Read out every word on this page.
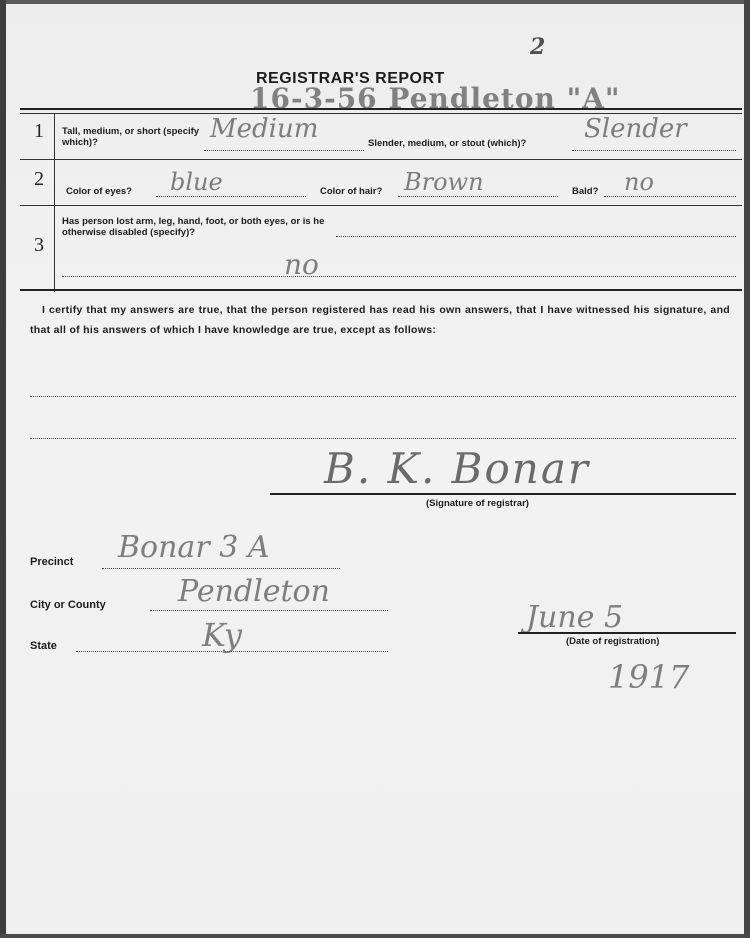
2
REGISTRAR'S REPORT
16-3-56 Pendleton "A"
1 Tall, medium, or short (specify which)?	Medium	Slender, medium, or stout (which)? Slender
2
Color of eyes? blue	Color of hair? Brown	Bald? no
3
Has person lost arm, leg, hand, foot, or both eyes, or is he otherwise disabled (specify)?
no
I certify that my answers are true, that the person registered has read his own answers, that I have witnessed his signature, and that all of his answers of which I have knowledge are true, except as follows:
B. K. Bonar
(Signature of registrar)
Precinct Bonar 3 A
City or County Pendleton
State	Ky	June 5
(Date of registration)
1917
